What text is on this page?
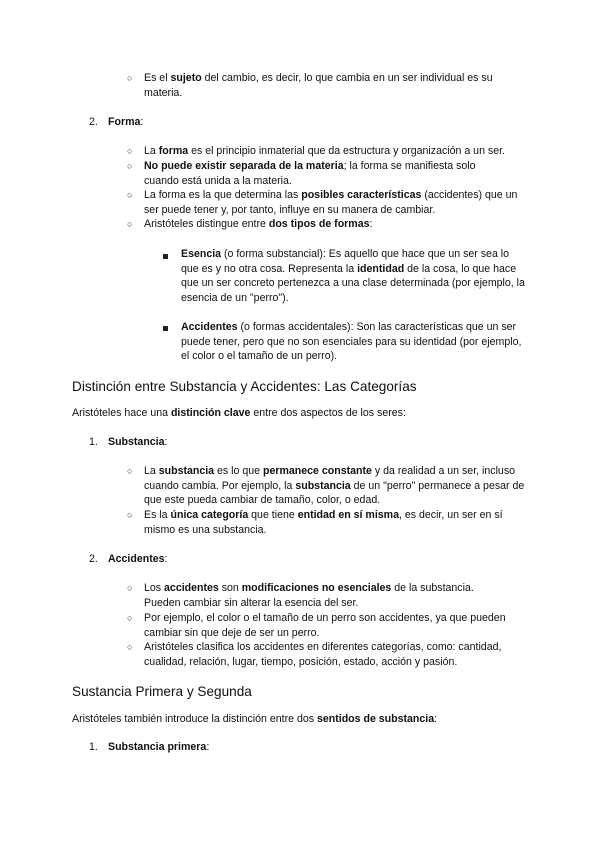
○ Es el sujeto del cambio, es decir, lo que cambia en un ser individual es su materia.
2. Forma:
○ La forma es el principio inmaterial que da estructura y organización a un ser.
○ No puede existir separada de la materia; la forma se manifiesta solo cuando está unida a la materia.
○ La forma es la que determina las posibles características (accidentes) que un ser puede tener y, por tanto, influye en su manera de cambiar.
○ Aristóteles distingue entre dos tipos de formas:
Esencia (o forma substancial): Es aquello que hace que un ser sea lo que es y no otra cosa. Representa la identidad de la cosa, lo que hace que un ser concreto pertenezca a una clase determinada (por ejemplo, la esencia de un "perro").
Accidentes (o formas accidentales): Son las características que un ser puede tener, pero que no son esenciales para su identidad (por ejemplo, el color o el tamaño de un perro).
Distinción entre Substancia y Accidentes: Las Categorías
Aristóteles hace una distinción clave entre dos aspectos de los seres:
1. Substancia:
○ La substancia es lo que permanece constante y da realidad a un ser, incluso cuando cambia. Por ejemplo, la substancia de un "perro" permanece a pesar de que este pueda cambiar de tamaño, color, o edad.
○ Es la única categoría que tiene entidad en sí misma, es decir, un ser en sí mismo es una substancia.
2. Accidentes:
○ Los accidentes son modificaciones no esenciales de la substancia. Pueden cambiar sin alterar la esencia del ser.
○ Por ejemplo, el color o el tamaño de un perro son accidentes, ya que pueden cambiar sin que deje de ser un perro.
○ Aristóteles clasifica los accidentes en diferentes categorías, como: cantidad, cualidad, relación, lugar, tiempo, posición, estado, acción y pasión.
Sustancia Primera y Segunda
Aristóteles también introduce la distinción entre dos sentidos de substancia:
1. Substancia primera:
